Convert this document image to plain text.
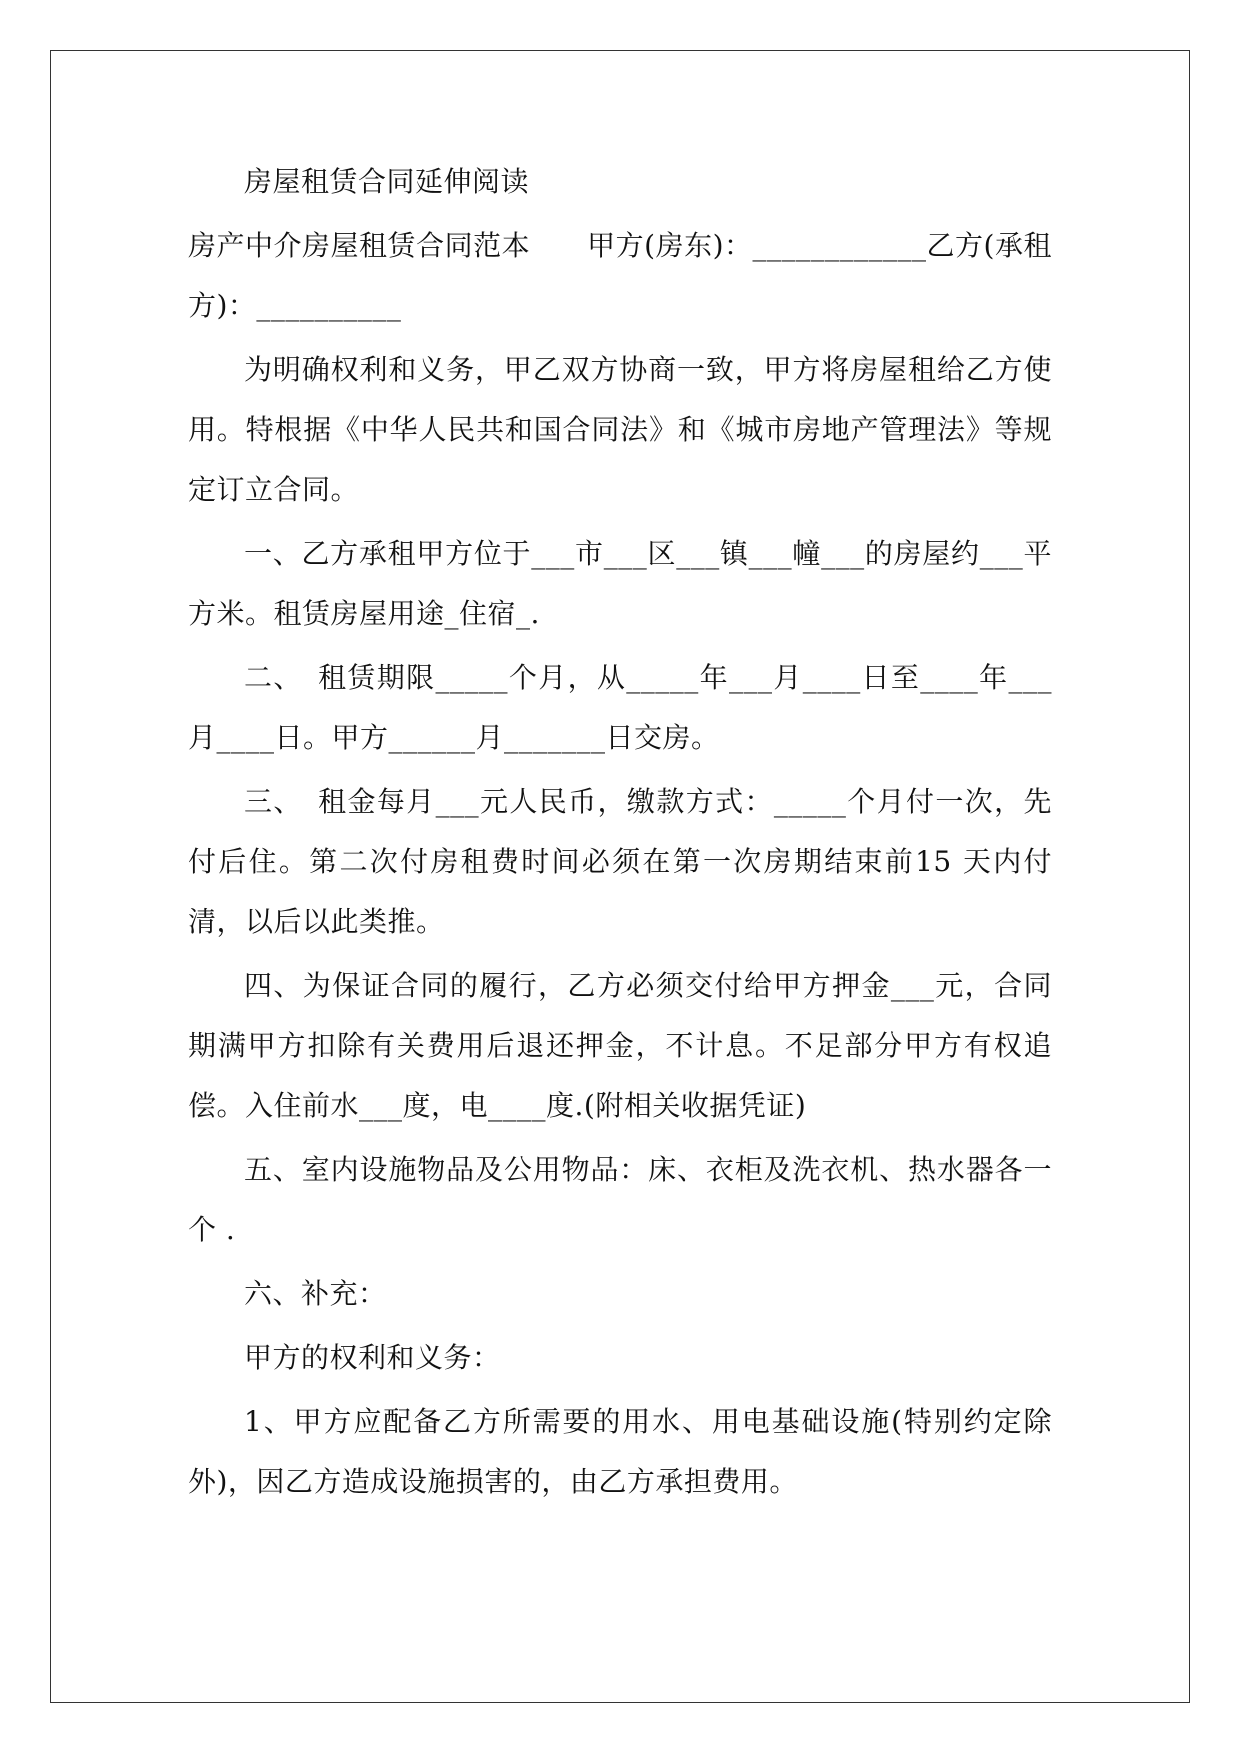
房屋租赁合同延伸阅读

房产中介房屋租赁合同范本　　甲方(房东)：____________乙方(承租方)：__________

为明确权利和义务，甲乙双方协商一致，甲方将房屋租给乙方使用。特根据《中华人民共和国合同法》和《城市房地产管理法》等规定订立合同。

一、乙方承租甲方位于___市___区___镇___幢___的房屋约___平方米。租赁房屋用途_住宿_.

二、　租赁期限_____个月，从_____年___月____日至____年___月____日。甲方______月_______日交房。

三、　租金每月___元人民币，缴款方式：_____个月付一次，先付后住。第二次付房租费时间必须在第一次房期结束前15 天内付清，以后以此类推。

四、为保证合同的履行，乙方必须交付给甲方押金___元，合同期满甲方扣除有关费用后退还押金，不计息。不足部分甲方有权追偿。入住前水___度，电____度.(附相关收据凭证)

五、室内设施物品及公用物品：床、衣柜及洗衣机、热水器各一个 .

六、补充：

甲方的权利和义务：

1、甲方应配备乙方所需要的用水、用电基础设施(特别约定除外)，因乙方造成设施损害的，由乙方承担费用。
